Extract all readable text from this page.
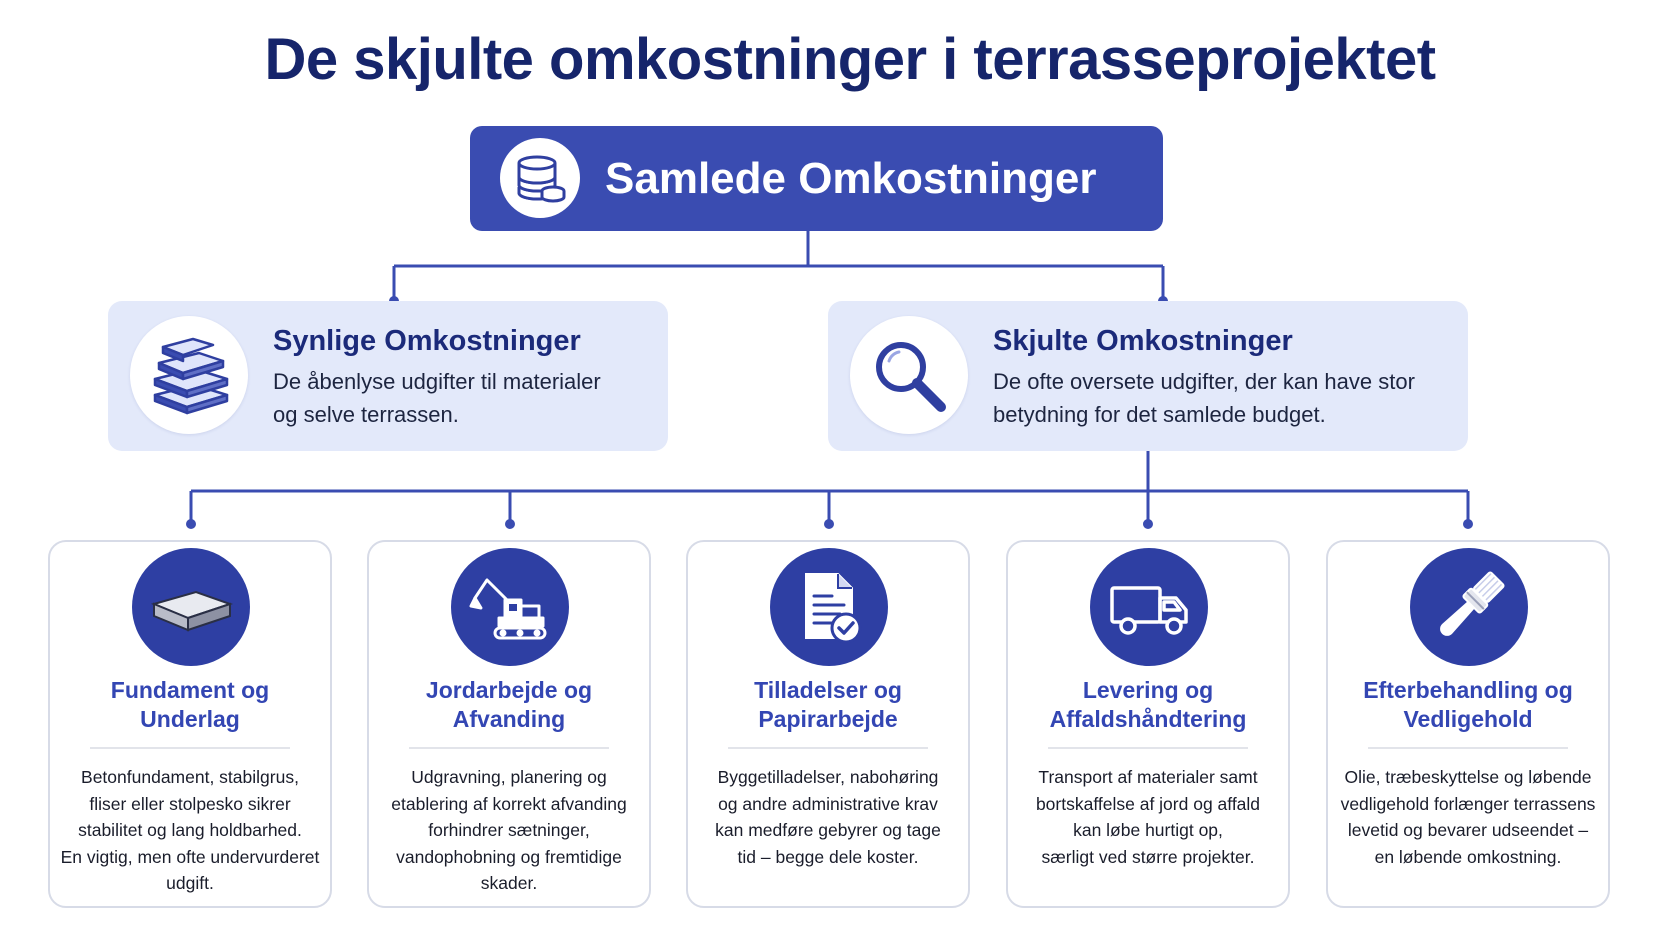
De skjulte omkostninger i terrasseprojektet
Samlede Omkostninger
Synlige Omkostninger
De åbenlyse udgifter til materialer
og selve terrassen.
Skjulte Omkostninger
De ofte oversete udgifter, der kan have stor
betydning for det samlede budget.
Fundament og
Underlag
Betonfundament, stabilgrus,
fliser eller stolpesko sikrer
stabilitet og lang holdbarhed.
En vigtig, men ofte undervurderet
udgift.
Jordarbejde og
Afvanding
Udgravning, planering og
etablering af korrekt afvanding
forhindrer sætninger,
vandophobning og fremtidige
skader.
Tilladelser og
Papirarbejde
Byggetilladelser, nabohøring
og andre administrative krav
kan medføre gebyrer og tage
tid – begge dele koster.
Levering og
Affaldshåndtering
Transport af materialer samt
bortskaffelse af jord og affald
kan løbe hurtigt op,
særligt ved større projekter.
Efterbehandling og
Vedligehold
Olie, træbeskyttelse og løbende
vedligehold forlænger terrassens
levetid og bevarer udseendet –
en løbende omkostning.
